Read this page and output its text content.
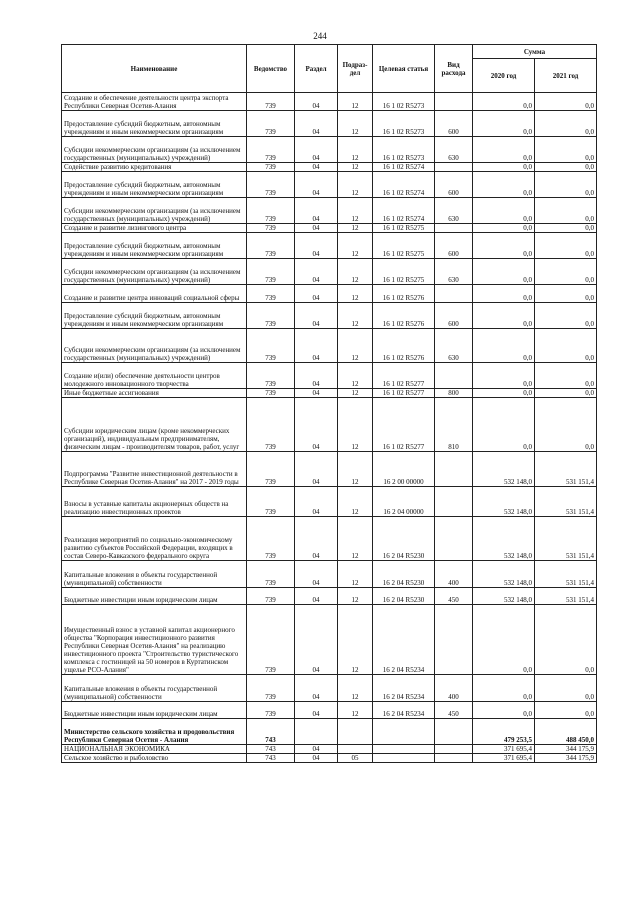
244
Наименование	Ведомство	Раздел	Подраз-дел	Целевая статья	Вид расхода	Сумма	
						2020 год	2021 год
Создание и обеспечение деятельности центра экспорта Республики Северная Осетия-Алания	739	04	12	16 1 02 R5273		0,0	0,0
Предоставление субсидий бюджетным, автономным учреждениям и иным некоммерческим организациям	739	04	12	16 1 02 R5273	600	0,0	0,0
Субсидии некоммерческим организациям (за исключением государственных (муниципальных) учреждений)	739	04	12	16 1 02 R5273	630	0,0	0,0
Содействие развитию кредитования	739	04	12	16 1 02 R5274		0,0	0,0
Предоставление субсидий бюджетным, автономным учреждениям и иным некоммерческим организациям	739	04	12	16 1 02 R5274	600	0,0	0,0
Субсидии некоммерческим организациям (за исключением государственных (муниципальных) учреждений)	739	04	12	16 1 02 R5274	630	0,0	0,0
Создание и развитие лизингового центра	739	04	12	16 1 02 R5275		0,0	0,0
Предоставление субсидий бюджетным, автономным учреждениям и иным некоммерческим организациям	739	04	12	16 1 02 R5275	600	0,0	0,0
Субсидии некоммерческим организациям (за исключением государственных (муниципальных) учреждений)	739	04	12	16 1 02 R5275	630	0,0	0,0
Создание и развитие центра инноваций социальной сферы	739	04	12	16 1 02 R5276		0,0	0,0
Предоставление субсидий бюджетным, автономным учреждениям и иным некоммерческим организациям	739	04	12	16 1 02 R5276	600	0,0	0,0
Субсидии некоммерческим организациям (за исключением государственных (муниципальных) учреждений)	739	04	12	16 1 02 R5276	630	0,0	0,0
Создание и(или) обеспечение деятельности центров молодежного инновационного творчества	739	04	12	16 1 02 R5277		0,0	0,0
Иные бюджетные ассигнования	739	04	12	16 1 02 R5277	800	0,0	0,0
Субсидии юридическим лицам (кроме некоммерческих организаций), индивидуальным предпринимателям, физическим лицам - производителям товаров, работ, услуг	739	04	12	16 1 02 R5277	810	0,0	0,0
Подпрограмма "Развитие инвестиционной деятельности в Республике Северная Осетия-Алания" на 2017 - 2019 годы	739	04	12	16 2 00 00000		532 148,0	531 151,4
Взносы в уставные капиталы акционерных обществ на реализацию инвестиционных проектов	739	04	12	16 2 04 00000		532 148,0	531 151,4
Реализация мероприятий по социально-экономическому развитию субъектов Российской Федерации, входящих в состав Северо-Кавказского федерального округа	739	04	12	16 2 04 R5230		532 148,0	531 151,4
Капитальные вложения в объекты государственной (муниципальной) собственности	739	04	12	16 2 04 R5230	400	532 148,0	531 151,4
Бюджетные инвестиции иным юридическим лицам	739	04	12	16 2 04 R5230	450	532 148,0	531 151,4
Имущественный взнос в уставной капитал акционерного общества "Корпорация инвестиционного развития Республики Северная Осетия-Алания" на реализацию инвестиционного проекта "Строительство туристического комплекса с гостиницей на 50 номеров в Куртатинском ущелье РСО-Алания"	739	04	12	16 2 04 R5234		0,0	0,0
Капитальные вложения в объекты государственной (муниципальной) собственности	739	04	12	16 2 04 R5234	400	0,0	0,0
Бюджетные инвестиции иным юридическим лицам	739	04	12	16 2 04 R5234	450	0,0	0,0
Министерство сельского хозяйства и продовольствия Республики Северная Осетия - Алания	743					479 253,5	488 450,0
НАЦИОНАЛЬНАЯ ЭКОНОМИКА	743	04				371 695,4	344 175,9
Сельское хозяйство и рыболовство	743	04	05			371 695,4	344 175,9
